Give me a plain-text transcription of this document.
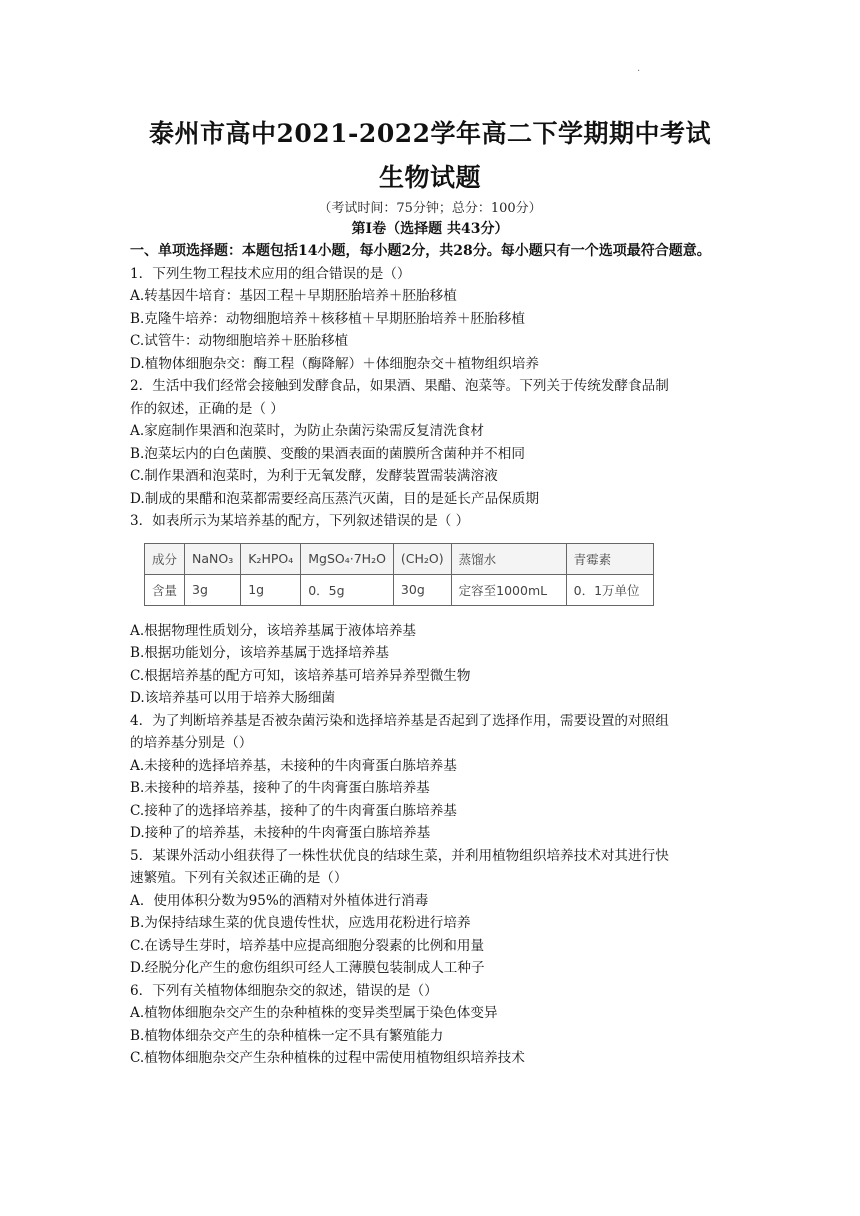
·
泰州市高中2021-2022学年高二下学期期中考试
生物试题
（考试时间：75分钟；总分：100分）
第I卷（选择题 共43分）

一、单项选择题：本题包括14小题，每小题2分，共28分。每小题只有一个选项最符合题意。

1．下列生物工程技术应用的组合错误的是（）

A.转基因牛培育：基因工程＋早期胚胎培养＋胚胎移植

B.克隆牛培养：动物细胞培养＋核移植＋早期胚胎培养＋胚胎移植

C.试管牛：动物细胞培养＋胚胎移植

D.植物体细胞杂交：酶工程（酶降解）＋体细胞杂交＋植物组织培养

2．生活中我们经常会接触到发酵食品，如果酒、果醋、泡菜等。下列关于传统发酵食品制

作的叙述，正确的是（ ）

A.家庭制作果酒和泡菜时，为防止杂菌污染需反复清洗食材

B.泡菜坛内的白色菌膜、变酸的果酒表面的菌膜所含菌种并不相同

C.制作果酒和泡菜时，为利于无氧发酵，发酵装置需装满溶液

D.制成的果醋和泡菜都需要经高压蒸汽灭菌，目的是延长产品保质期

3．如表所示为某培养基的配方，下列叙述错误的是（ ）

成分	NaNO₃	K₂HPO₄	MgSO₄·7H₂O	(CH₂O)	蒸馏水	青霉素
含量	3g	1g	0．5g	30g	定容至1000mL	0．1万单位

A.根据物理性质划分，该培养基属于液体培养基

B.根据功能划分，该培养基属于选择培养基

C.根据培养基的配方可知，该培养基可培养异养型微生物

D.该培养基可以用于培养大肠细菌

4．为了判断培养基是否被杂菌污染和选择培养基是否起到了选择作用，需要设置的对照组

的培养基分别是（）

A.未接种的选择培养基，未接种的牛肉膏蛋白胨培养基

B.未接种的培养基，接种了的牛肉膏蛋白胨培养基

C.接种了的选择培养基，接种了的牛肉膏蛋白胨培养基

D.接种了的培养基，未接种的牛肉膏蛋白胨培养基

5．某课外活动小组获得了一株性状优良的结球生菜，并利用植物组织培养技术对其进行快

速繁殖。下列有关叙述正确的是（）

A．使用体积分数为95%的酒精对外植体进行消毒

B.为保持结球生菜的优良遗传性状，应选用花粉进行培养

C.在诱导生芽时，培养基中应提高细胞分裂素的比例和用量

D.经脱分化产生的愈伤组织可经人工薄膜包装制成人工种子

6．下列有关植物体细胞杂交的叙述，错误的是（）

A.植物体细胞杂交产生的杂种植株的变异类型属于染色体变异

B.植物体细杂交产生的杂种植株一定不具有繁殖能力

C.植物体细胞杂交产生杂种植株的过程中需使用植物组织培养技术
